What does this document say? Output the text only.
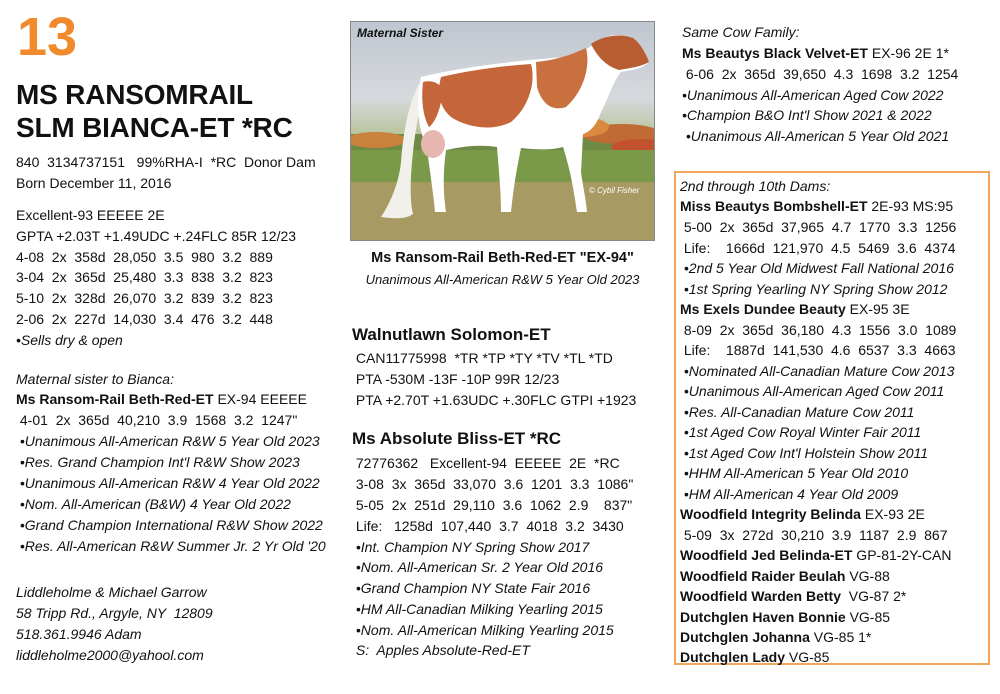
13
MS RANSOMRAIL
SLM BIANCA-ET *RC
840  3134737151   99%RHA-I  *RC  Donor Dam
Born December 11, 2016
Excellent-93 EEEEE 2E
GPTA +2.03T +1.49UDC +.24FLC 85R 12/23
4-08  2x  358d  28,050  3.5  980  3.2  889
3-04  2x  365d  25,480  3.3  838  3.2  823
5-10  2x  328d  26,070  3.2  839  3.2  823
2-06  2x  227d  14,030  3.4  476  3.2  448
•Sells dry & open
Maternal sister to Bianca:
Ms Ransom-Rail Beth-Red-ET EX-94 EEEEE
4-01  2x  365d  40,210  3.9  1568  3.2  1247"
•Unanimous All-American R&W 5 Year Old 2023
•Res. Grand Champion Int'l R&W Show 2023
•Unanimous All-American R&W 4 Year Old 2022
•Nom. All-American (B&W) 4 Year Old 2022
•Grand Champion International R&W Show 2022
•Res. All-American R&W Summer Jr. 2 Yr Old '20
Liddleholme & Michael Garrow
58 Tripp Rd., Argyle, NY  12809
518.361.9946 Adam
liddleholme2000@yahool.com
Maternal Sister
© Cybil Fisher
Ms Ransom-Rail Beth-Red-ET "EX-94"
Unanimous All-American R&W 5 Year Old 2023
Walnutlawn Solomon-ET
CAN11775998  *TR *TP *TY *TV *TL *TD
PTA -530M -13F -10P 99R 12/23
PTA +2.70T +1.63UDC +.30FLC GTPI +1923
Ms Absolute Bliss-ET *RC
72776362   Excellent-94  EEEEE  2E  *RC
3-08  3x  365d  33,070  3.6  1201  3.3  1086"
5-05  2x  251d  29,110  3.6  1062  2.9    837"
Life:   1258d  107,440  3.7  4018  3.2  3430
•Int. Champion NY Spring Show 2017
•Nom. All-American Sr. 2 Year Old 2016
•Grand Champion NY State Fair 2016
•HM All-Canadian Milking Yearling 2015
•Nom. All-American Milking Yearling 2015
S:  Apples Absolute-Red-ET
Same Cow Family:
Ms Beautys Black Velvet-ET EX-96 2E 1*
6-06  2x  365d  39,650  4.3  1698  3.2  1254
•Unanimous All-American Aged Cow 2022
•Champion B&O Int'l Show 2021 & 2022
•Unanimous All-American 5 Year Old 2021
2nd through 10th Dams:
Miss Beautys Bombshell-ET 2E-93 MS:95
5-00  2x  365d  37,965  4.7  1770  3.3  1256
Life:    1666d  121,970  4.5  5469  3.6  4374
•2nd 5 Year Old Midwest Fall National 2016
•1st Spring Yearling NY Spring Show 2012
Ms Exels Dundee Beauty EX-95 3E
8-09  2x  365d  36,180  4.3  1556  3.0  1089
Life:    1887d  141,530  4.6  6537  3.3  4663
•Nominated All-Canadian Mature Cow 2013
•Unanimous All-American Aged Cow 2011
•Res. All-Canadian Mature Cow 2011
•1st Aged Cow Royal Winter Fair 2011
•1st Aged Cow Int'l Holstein Show 2011
•HHM All-American 5 Year Old 2010
•HM All-American 4 Year Old 2009
Woodfield Integrity Belinda EX-93 2E
5-09  3x  272d  30,210  3.9  1187  2.9  867
Woodfield Jed Belinda-ET GP-81-2Y-CAN
Woodfield Raider Beulah VG-88
Woodfield Warden Betty  VG-87 2*
Dutchglen Haven Bonnie VG-85
Dutchglen Johanna VG-85 1*
Dutchglen Lady VG-85
